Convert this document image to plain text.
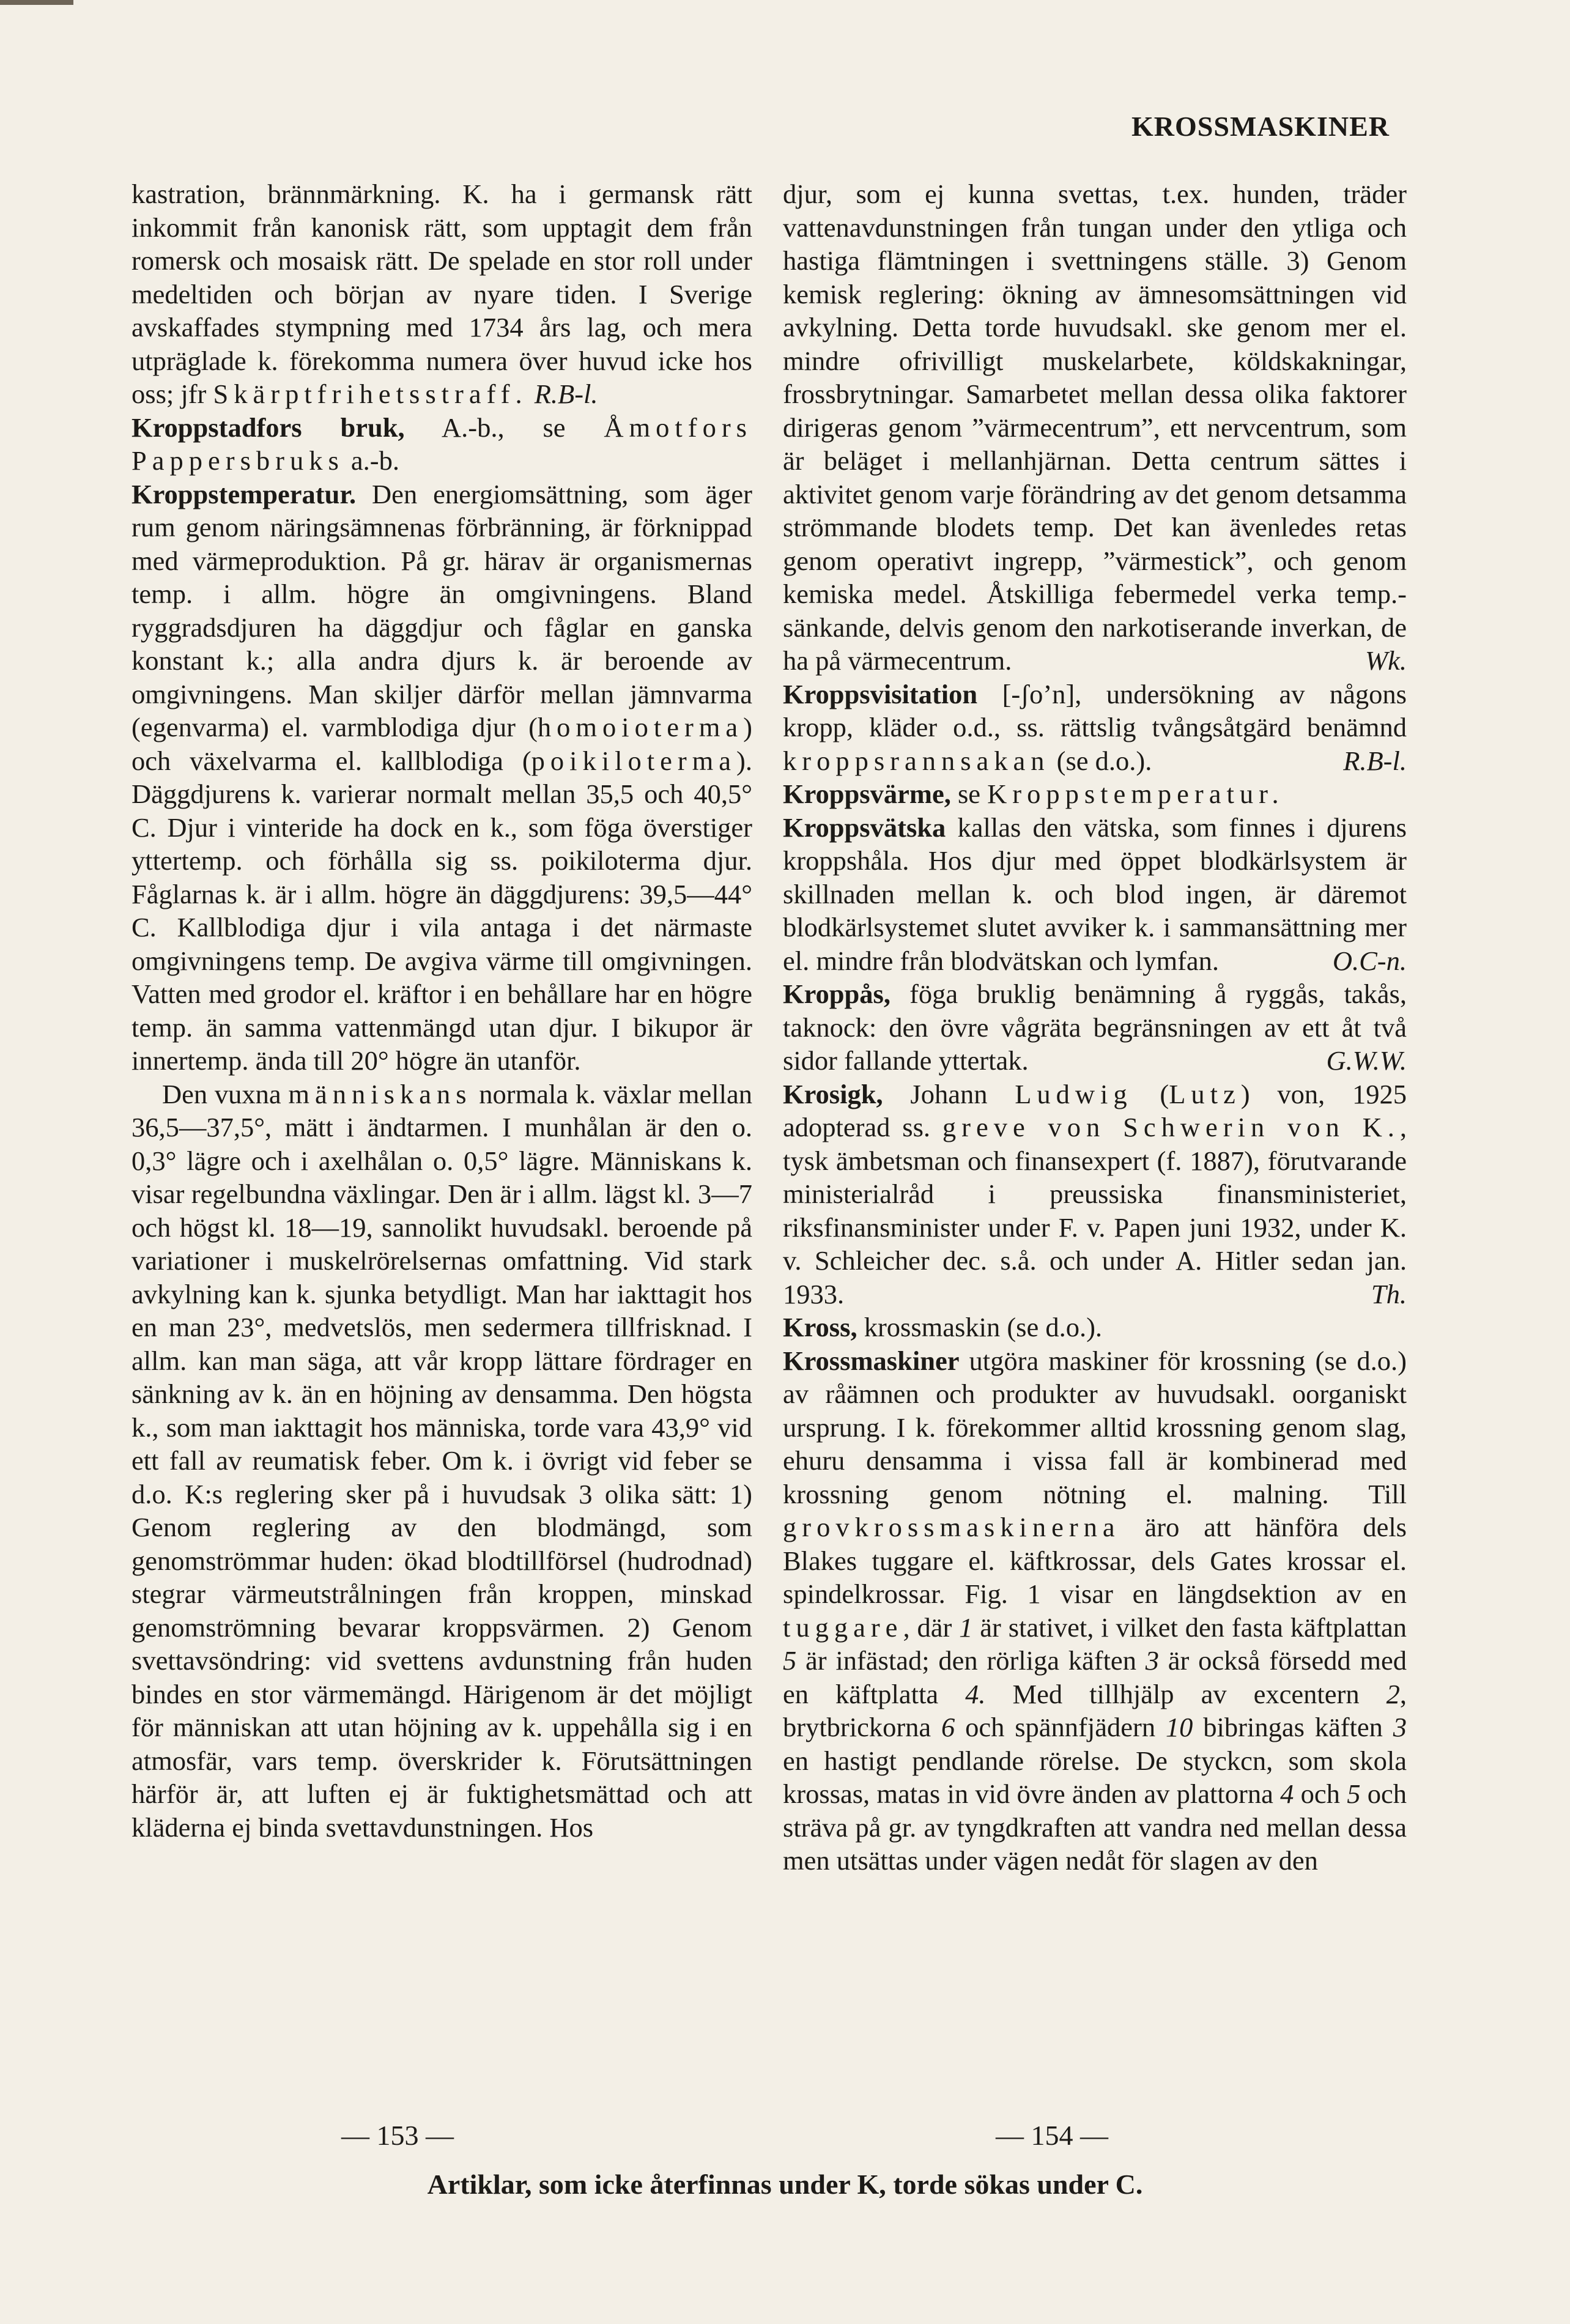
KROSSMASKINER

kastration, brännmärkning. K. ha i germansk rätt inkommit från kanonisk rätt, som upptagit dem från romersk och mosaisk rätt. De spelade en stor roll under medeltiden och början av nyare tiden. I Sverige avskaffades stympning med 1734 års lag, och mera utpräglade k. förekomma numera över huvud icke hos oss; jfr Skärptfrihetsstraff. R.B-l.

Kroppstadfors bruk, A.-b., se Åmotfors Pappersbruks a.-b.

Kroppstemperatur. Den energiomsättning, som äger rum genom näringsämnenas förbränning, är förknippad med värmeproduktion. På gr. härav är organismernas temp. i allm. högre än omgivningens. Bland ryggradsdjuren ha däggdjur och fåglar en ganska konstant k.; alla andra djurs k. är beroende av omgivningens. Man skiljer därför mellan jämnvarma (egenvarma) el. varmblodiga djur (homoioterma) och växelvarma el. kallblodiga (poikiloterma). Däggdjurens k. varierar normalt mellan 35,5 och 40,5° C. Djur i vinteride ha dock en k., som föga överstiger yttertemp. och förhålla sig ss. poikiloterma djur. Fåglarnas k. är i allm. högre än däggdjurens: 39,5—44° C. Kallblodiga djur i vila antaga i det närmaste omgivningens temp. De avgiva värme till omgivningen. Vatten med grodor el. kräftor i en behållare har en högre temp. än samma vattenmängd utan djur. I bikupor är innertemp. ända till 20° högre än utanför.

Den vuxna människans normala k. växlar mellan 36,5—37,5°, mätt i ändtarmen. I munhålan är den o. 0,3° lägre och i axelhålan o. 0,5° lägre. Människans k. visar regelbundna växlingar. Den är i allm. lägst kl. 3—7 och högst kl. 18—19, sannolikt huvudsakl. beroende på variationer i muskelrörelsernas omfattning. Vid stark avkylning kan k. sjunka betydligt. Man har iakttagit hos en man 23°, medvetslös, men sedermera tillfrisknad. I allm. kan man säga, att vår kropp lättare fördrager en sänkning av k. än en höjning av densamma. Den högsta k., som man iakttagit hos människa, torde vara 43,9° vid ett fall av reumatisk feber. Om k. i övrigt vid feber se d.o. K:s reglering sker på i huvudsak 3 olika sätt: 1) Genom reglering av den blodmängd, som genomströmmar huden: ökad blodtillförsel (hudrodnad) stegrar värmeutstrålningen från kroppen, minskad genomströmning bevarar kroppsvärmen. 2) Genom svettavsöndring: vid svettens avdunstning från huden bindes en stor värmemängd. Härigenom är det möjligt för människan att utan höjning av k. uppehålla sig i en atmosfär, vars temp. överskrider k. Förutsättningen härför är, att luften ej är fuktighetsmättad och att kläderna ej binda svettavdunstningen. Hos

djur, som ej kunna svettas, t.ex. hunden, träder vattenavdunstningen från tungan under den ytliga och hastiga flämtningen i svettningens ställe. 3) Genom kemisk reglering: ökning av ämnesomsättningen vid avkylning. Detta torde huvudsakl. ske genom mer el. mindre ofrivilligt muskelarbete, köldskakningar, frossbrytningar. Samarbetet mellan dessa olika faktorer dirigeras genom ”värmecentrum”, ett nervcentrum, som är beläget i mellanhjärnan. Detta centrum sättes i aktivitet genom varje förändring av det genom detsamma strömmande blodets temp. Det kan ävenledes retas genom operativt ingrepp, ”värmestick”, och genom kemiska medel. Åtskilliga febermedel verka temp.-sänkande, delvis genom den narkotiserande inverkan, de ha på värmecentrum.	Wk.

Kroppsvisitation [-ʃo’n], undersökning av någons kropp, kläder o.d., ss. rättslig tvångsåtgärd benämnd kroppsrannsakan (se d.o.).	R.B-l.

Kroppsvärme, se Kroppstemperatur.

Kroppsvätska kallas den vätska, som finnes i djurens kroppshåla. Hos djur med öppet blodkärlsystem är skillnaden mellan k. och blod ingen, är däremot blodkärlsystemet slutet avviker k. i sammansättning mer el. mindre från blodvätskan och lymfan.	O.C-n.

Kroppås, föga bruklig benämning å ryggås, takås, taknock: den övre vågräta begränsningen av ett åt två sidor fallande yttertak.	G.W.W.

Krosigk, Johann Ludwig (Lutz) von, 1925 adopterad ss. greve von Schwerin von K., tysk ämbetsman och finansexpert (f. 1887), förutvarande ministerialråd i preussiska finansministeriet, riksfinansminister under F. v. Papen juni 1932, under K. v. Schleicher dec. s.å. och under A. Hitler sedan jan. 1933.	Th.

Kross, krossmaskin (se d.o.).

Krossmaskiner utgöra maskiner för krossning (se d.o.) av råämnen och produkter av huvudsakl. oorganiskt ursprung. I k. förekommer alltid krossning genom slag, ehuru densamma i vissa fall är kombinerad med krossning genom nötning el. malning. Till grovkrossmaskinerna äro att hänföra dels Blakes tuggare el. käftkrossar, dels Gates krossar el. spindelkrossar. Fig. 1 visar en längdsektion av en tuggare, där 1 är stativet, i vilket den fasta käftplattan 5 är infästad; den rörliga käften 3 är också försedd med en käftplatta 4. Med tillhjälp av excentern 2, brytbrickorna 6 och spännfjädern 10 bibringas käften 3 en hastigt pendlande rörelse. De styckcn, som skola krossas, matas in vid övre änden av plattorna 4 och 5 och sträva på gr. av tyngdkraften att vandra ned mellan dessa men utsättas under vägen nedåt för slagen av den

— 153 —	— 154 —
Artiklar, som icke återfinnas under K, torde sökas under C.
